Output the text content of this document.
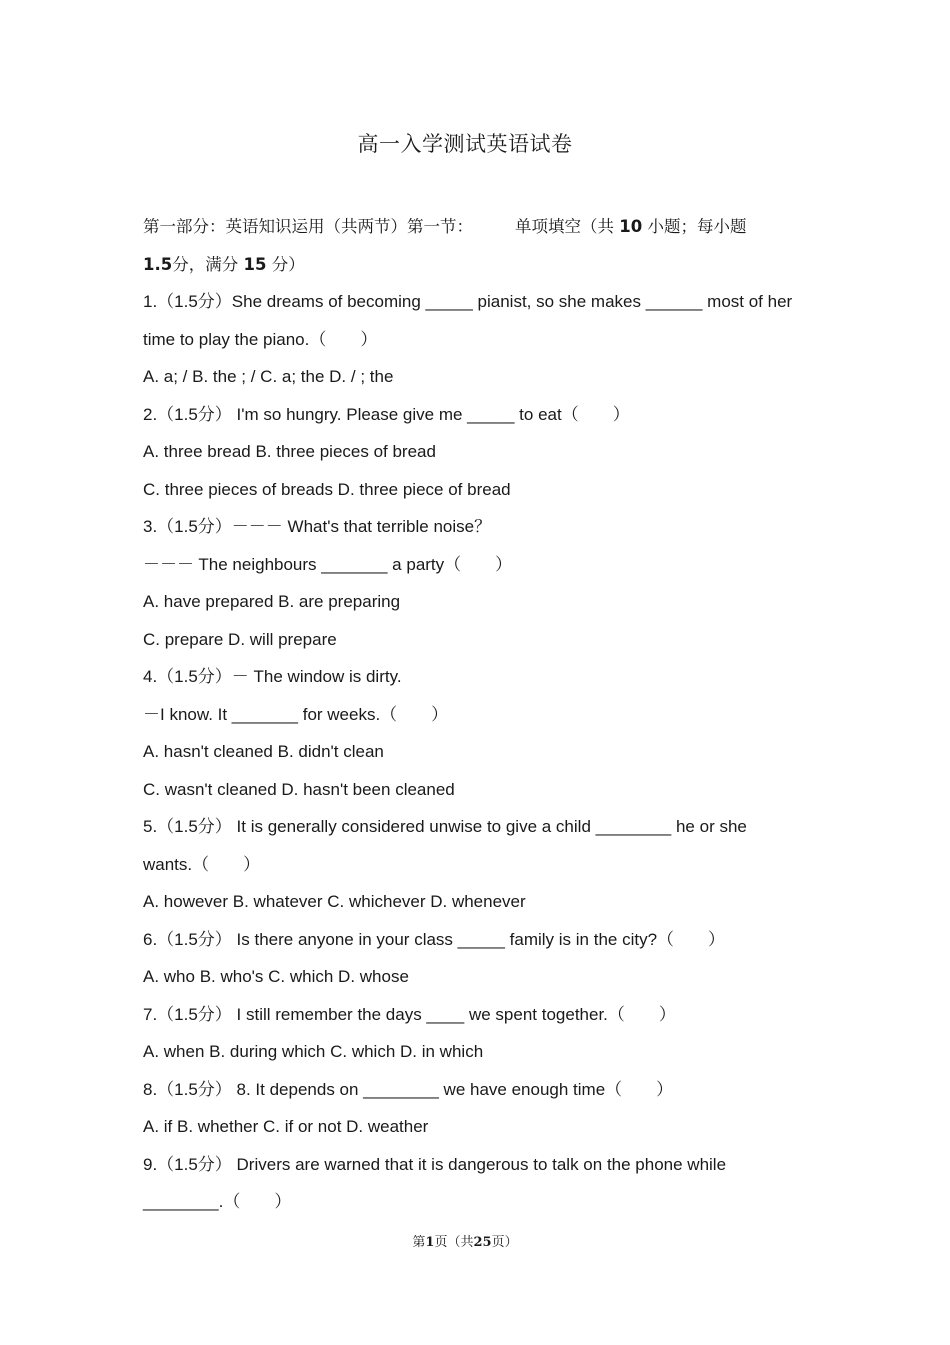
高一入学测试英语试卷
第一部分：英语知识运用（共两节）第一节：	单项填空（共 10 小题；每小题
1.5分，满分 15 分）
1.（1.5分）She dreams of becoming _____ pianist, so she makes ______ most of her
time to play the piano.（　　）
A. a; / B. the ; / C. a; the D. / ; the
2.（1.5分） I'm so hungry. Please give me _____ to eat（　　）
A. three bread B. three pieces of bread
C. three pieces of breads D. three piece of bread
3.（1.5分）－－－ What's that terrible noise？
－－－ The neighbours _______ a party（　　）
A. have prepared B. are preparing
C. prepare D. will prepare
4.（1.5分）－ The window is dirty.
－I know. It _______ for weeks.（　　）
A. hasn't cleaned B. didn't clean
C. wasn't cleaned D. hasn't been cleaned
5.（1.5分） It is generally considered unwise to give a child ________ he or she
wants.（　　）
A. however B. whatever C. whichever D. whenever
6.（1.5分） Is there anyone in your class _____ family is in the city?（　　）
A. who B. who's C. which D. whose
7.（1.5分） I still remember the days ____ we spent together.（　　）
A. when B. during which C. which D. in which
8.（1.5分） 8. It depends on ________ we have enough time（　　）
A. if B. whether C. if or not D. weather
9.（1.5分） Drivers are warned that it is dangerous to talk on the phone while
________.（　　）
第1页（共25页）
